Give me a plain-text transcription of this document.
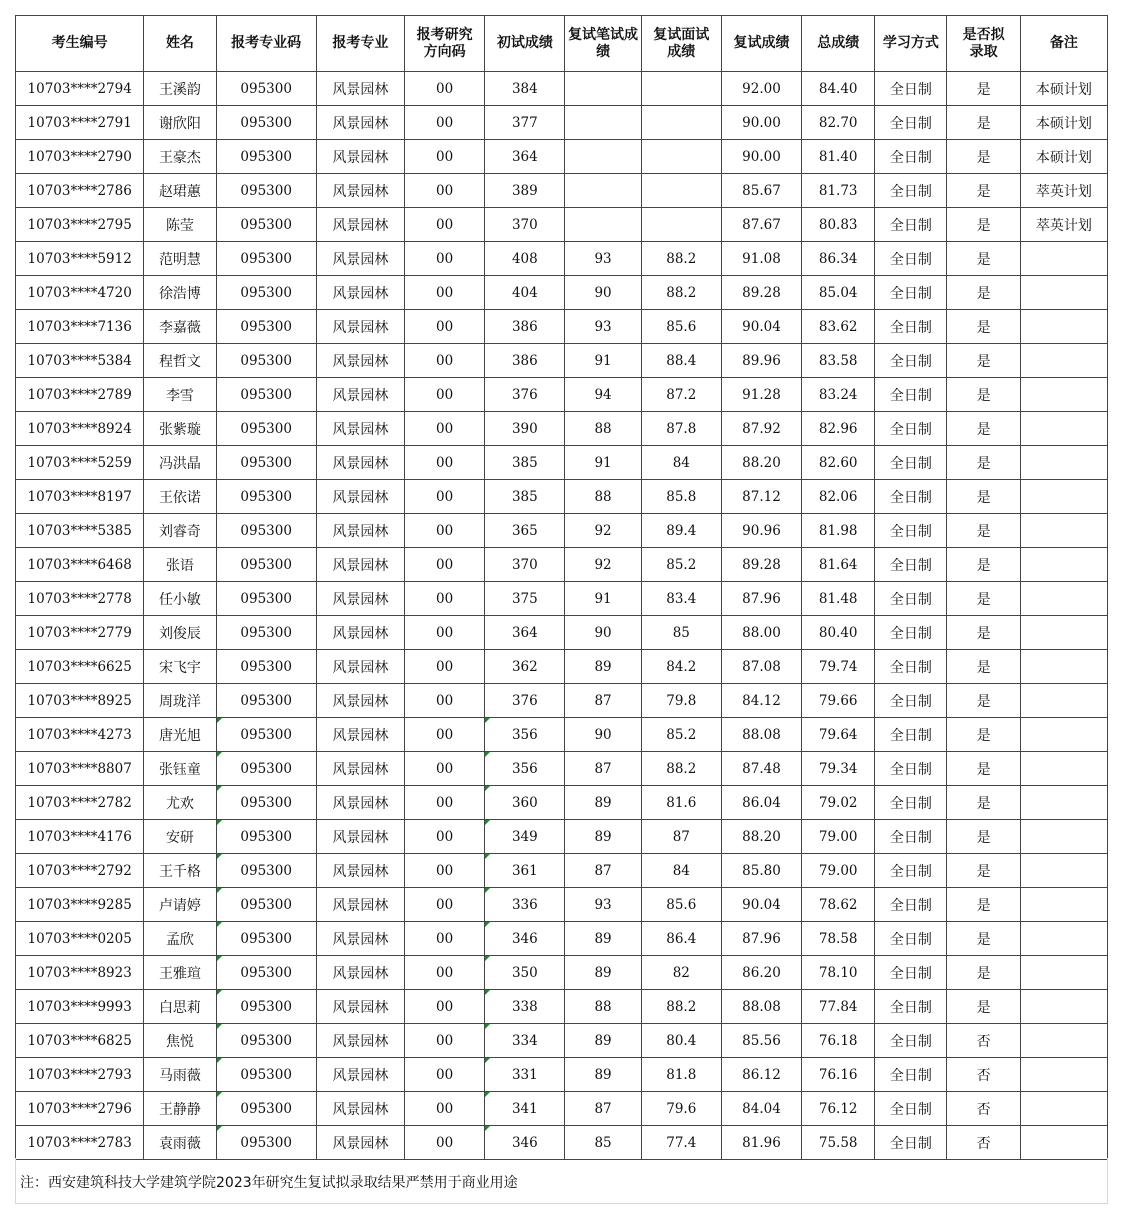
考生编号	姓名	报考专业码	报考专业	报考研究方向码	初试成绩	复试笔试成绩	复试面试成绩	复试成绩	总成绩	学习方式	是否拟录取	备注
10703****2794	王溪韵	095300	风景园林	00	384			92.00	84.40	全日制	是	本硕计划
10703****2791	谢欣阳	095300	风景园林	00	377			90.00	82.70	全日制	是	本硕计划
10703****2790	王豪杰	095300	风景园林	00	364			90.00	81.40	全日制	是	本硕计划
10703****2786	赵珺蕙	095300	风景园林	00	389			85.67	81.73	全日制	是	萃英计划
10703****2795	陈莹	095300	风景园林	00	370			87.67	80.83	全日制	是	萃英计划
10703****5912	范明慧	095300	风景园林	00	408	93	88.2	91.08	86.34	全日制	是	
10703****4720	徐浩博	095300	风景园林	00	404	90	88.2	89.28	85.04	全日制	是	
10703****7136	李嘉薇	095300	风景园林	00	386	93	85.6	90.04	83.62	全日制	是	
10703****5384	程哲文	095300	风景园林	00	386	91	88.4	89.96	83.58	全日制	是	
10703****2789	李雪	095300	风景园林	00	376	94	87.2	91.28	83.24	全日制	是	
10703****8924	张紫璇	095300	风景园林	00	390	88	87.8	87.92	82.96	全日制	是	
10703****5259	冯洪晶	095300	风景园林	00	385	91	84	88.20	82.60	全日制	是	
10703****8197	王依诺	095300	风景园林	00	385	88	85.8	87.12	82.06	全日制	是	
10703****5385	刘睿奇	095300	风景园林	00	365	92	89.4	90.96	81.98	全日制	是	
10703****6468	张语	095300	风景园林	00	370	92	85.2	89.28	81.64	全日制	是	
10703****2778	任小敏	095300	风景园林	00	375	91	83.4	87.96	81.48	全日制	是	
10703****2779	刘俊辰	095300	风景园林	00	364	90	85	88.00	80.40	全日制	是	
10703****6625	宋飞宇	095300	风景园林	00	362	89	84.2	87.08	79.74	全日制	是	
10703****8925	周珑洋	095300	风景园林	00	376	87	79.8	84.12	79.66	全日制	是	
10703****4273	唐光旭	095300	风景园林	00	356	90	85.2	88.08	79.64	全日制	是	
10703****8807	张钰童	095300	风景园林	00	356	87	88.2	87.48	79.34	全日制	是	
10703****2782	尤欢	095300	风景园林	00	360	89	81.6	86.04	79.02	全日制	是	
10703****4176	安研	095300	风景园林	00	349	89	87	88.20	79.00	全日制	是	
10703****2792	王千格	095300	风景园林	00	361	87	84	85.80	79.00	全日制	是	
10703****9285	卢请婷	095300	风景园林	00	336	93	85.6	90.04	78.62	全日制	是	
10703****0205	孟欣	095300	风景园林	00	346	89	86.4	87.96	78.58	全日制	是	
10703****8923	王雅瑄	095300	风景园林	00	350	89	82	86.20	78.10	全日制	是	
10703****9993	白思莉	095300	风景园林	00	338	88	88.2	88.08	77.84	全日制	是	
10703****6825	焦悦	095300	风景园林	00	334	89	80.4	85.56	76.18	全日制	否	
10703****2793	马雨薇	095300	风景园林	00	331	89	81.8	86.12	76.16	全日制	否	
10703****2796	王静静	095300	风景园林	00	341	87	79.6	84.04	76.12	全日制	否	
10703****2783	袁雨薇	095300	风景园林	00	346	85	77.4	81.96	75.58	全日制	否	
注：西安建筑科技大学建筑学院2023年研究生复试拟录取结果严禁用于商业用途
